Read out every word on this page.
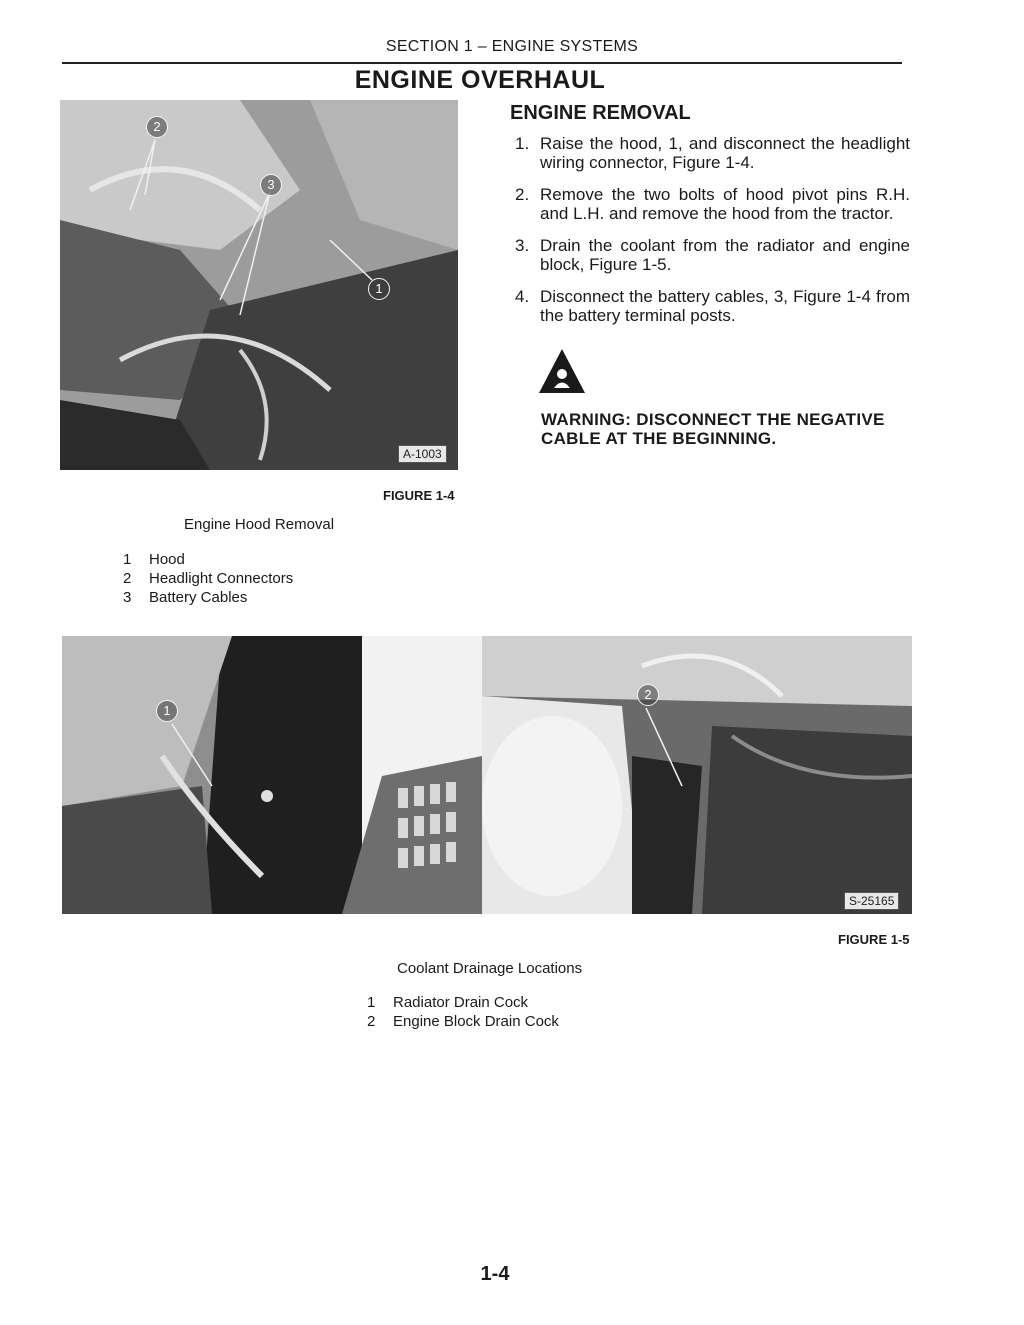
SECTION 1 – ENGINE SYSTEMS
ENGINE OVERHAUL
2
3
1
A-1003
ENGINE REMOVAL
1. Raise the hood, 1, and disconnect the headlight wiring connector, Figure 1-4.
2. Remove the two bolts of hood pivot pins R.H. and L.H. and remove the hood from the tractor.
3. Drain the coolant from the radiator and engine block, Figure 1-5.
4. Disconnect the battery cables, 3, Figure 1-4 from the battery terminal posts.
WARNING: DISCONNECT THE NEGATIVE
CABLE AT THE BEGINNING.
FIGURE 1-4
Engine Hood Removal
1 Hood
2 Headlight Connectors
3 Battery Cables
1
2
S-25165
FIGURE 1-5
Coolant Drainage Locations
1 Radiator Drain Cock
2 Engine Block Drain Cock
1-4
